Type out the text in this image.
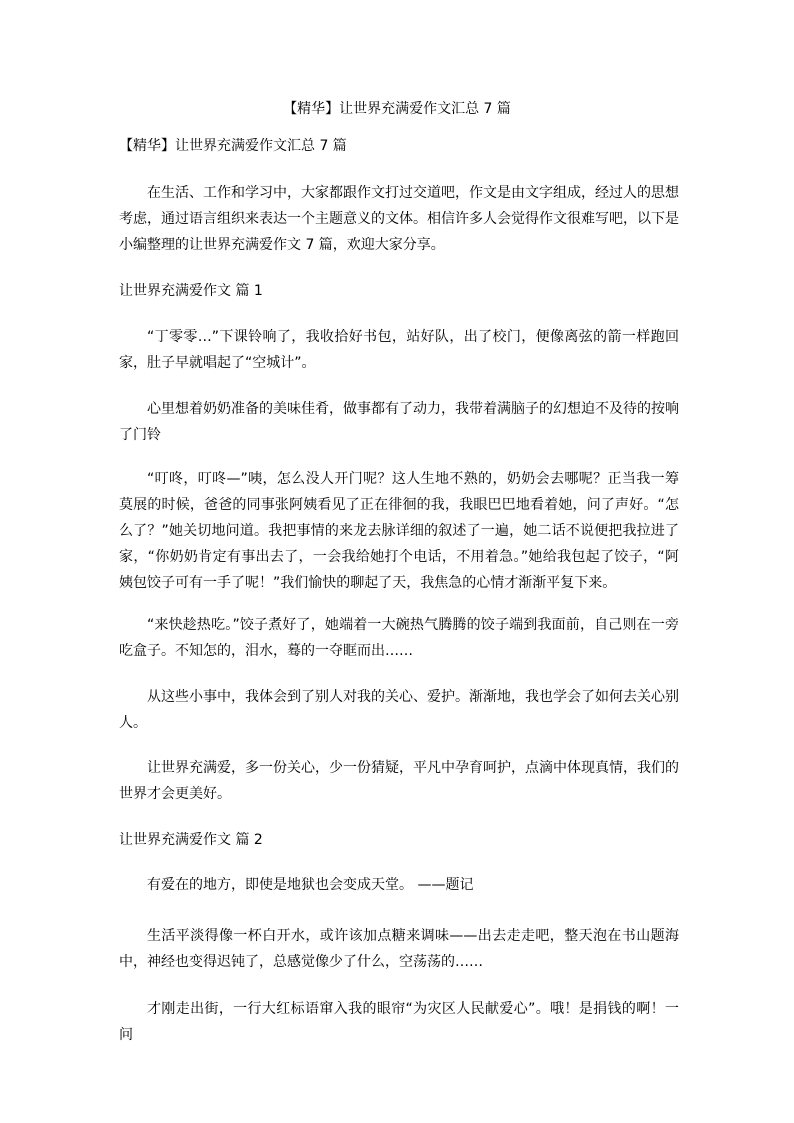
【精华】让世界充满爱作文汇总 7 篇

【精华】让世界充满爱作文汇总 7 篇

在生活、工作和学习中，大家都跟作文打过交道吧，作文是由文字组成，经过人的思想考虑，通过语言组织来表达一个主题意义的文体。相信许多人会觉得作文很难写吧，以下是小编整理的让世界充满爱作文 7 篇，欢迎大家分享。

让世界充满爱作文 篇 1

“丁零零…”下课铃响了，我收拾好书包，站好队，出了校门，便像离弦的箭一样跑回家，肚子早就唱起了“空城计”。

心里想着奶奶准备的美味佳肴，做事都有了动力，我带着满脑子的幻想迫不及待的按响了门铃

“叮咚，叮咚—”咦，怎么没人开门呢？这人生地不熟的，奶奶会去哪呢？正当我一筹莫展的时候，爸爸的同事张阿姨看见了正在徘徊的我，我眼巴巴地看着她，问了声好。“怎么了？”她关切地问道。我把事情的来龙去脉详细的叙述了一遍，她二话不说便把我拉进了家，“你奶奶肯定有事出去了，一会我给她打个电话，不用着急。”她给我包起了饺子，“阿姨包饺子可有一手了呢！”我们愉快的聊起了天，我焦急的心情才渐渐平复下来。

“来快趁热吃。”饺子煮好了，她端着一大碗热气腾腾的饺子端到我面前，自己则在一旁吃盒子。不知怎的，泪水，蓦的一夺眶而出……

从这些小事中，我体会到了别人对我的关心、爱护。渐渐地，我也学会了如何去关心别人。

让世界充满爱，多一份关心，少一份猜疑，平凡中孕育呵护，点滴中体现真情，我们的世界才会更美好。

让世界充满爱作文 篇 2

有爱在的地方，即使是地狱也会变成天堂。 ——题记

生活平淡得像一杯白开水，或许该加点糖来调味——出去走走吧，整天泡在书山题海中，神经也变得迟钝了，总感觉像少了什么，空荡荡的……

才刚走出街，一行大红标语窜入我的眼帘“为灾区人民献爱心”。哦！是捐钱的啊！一问
